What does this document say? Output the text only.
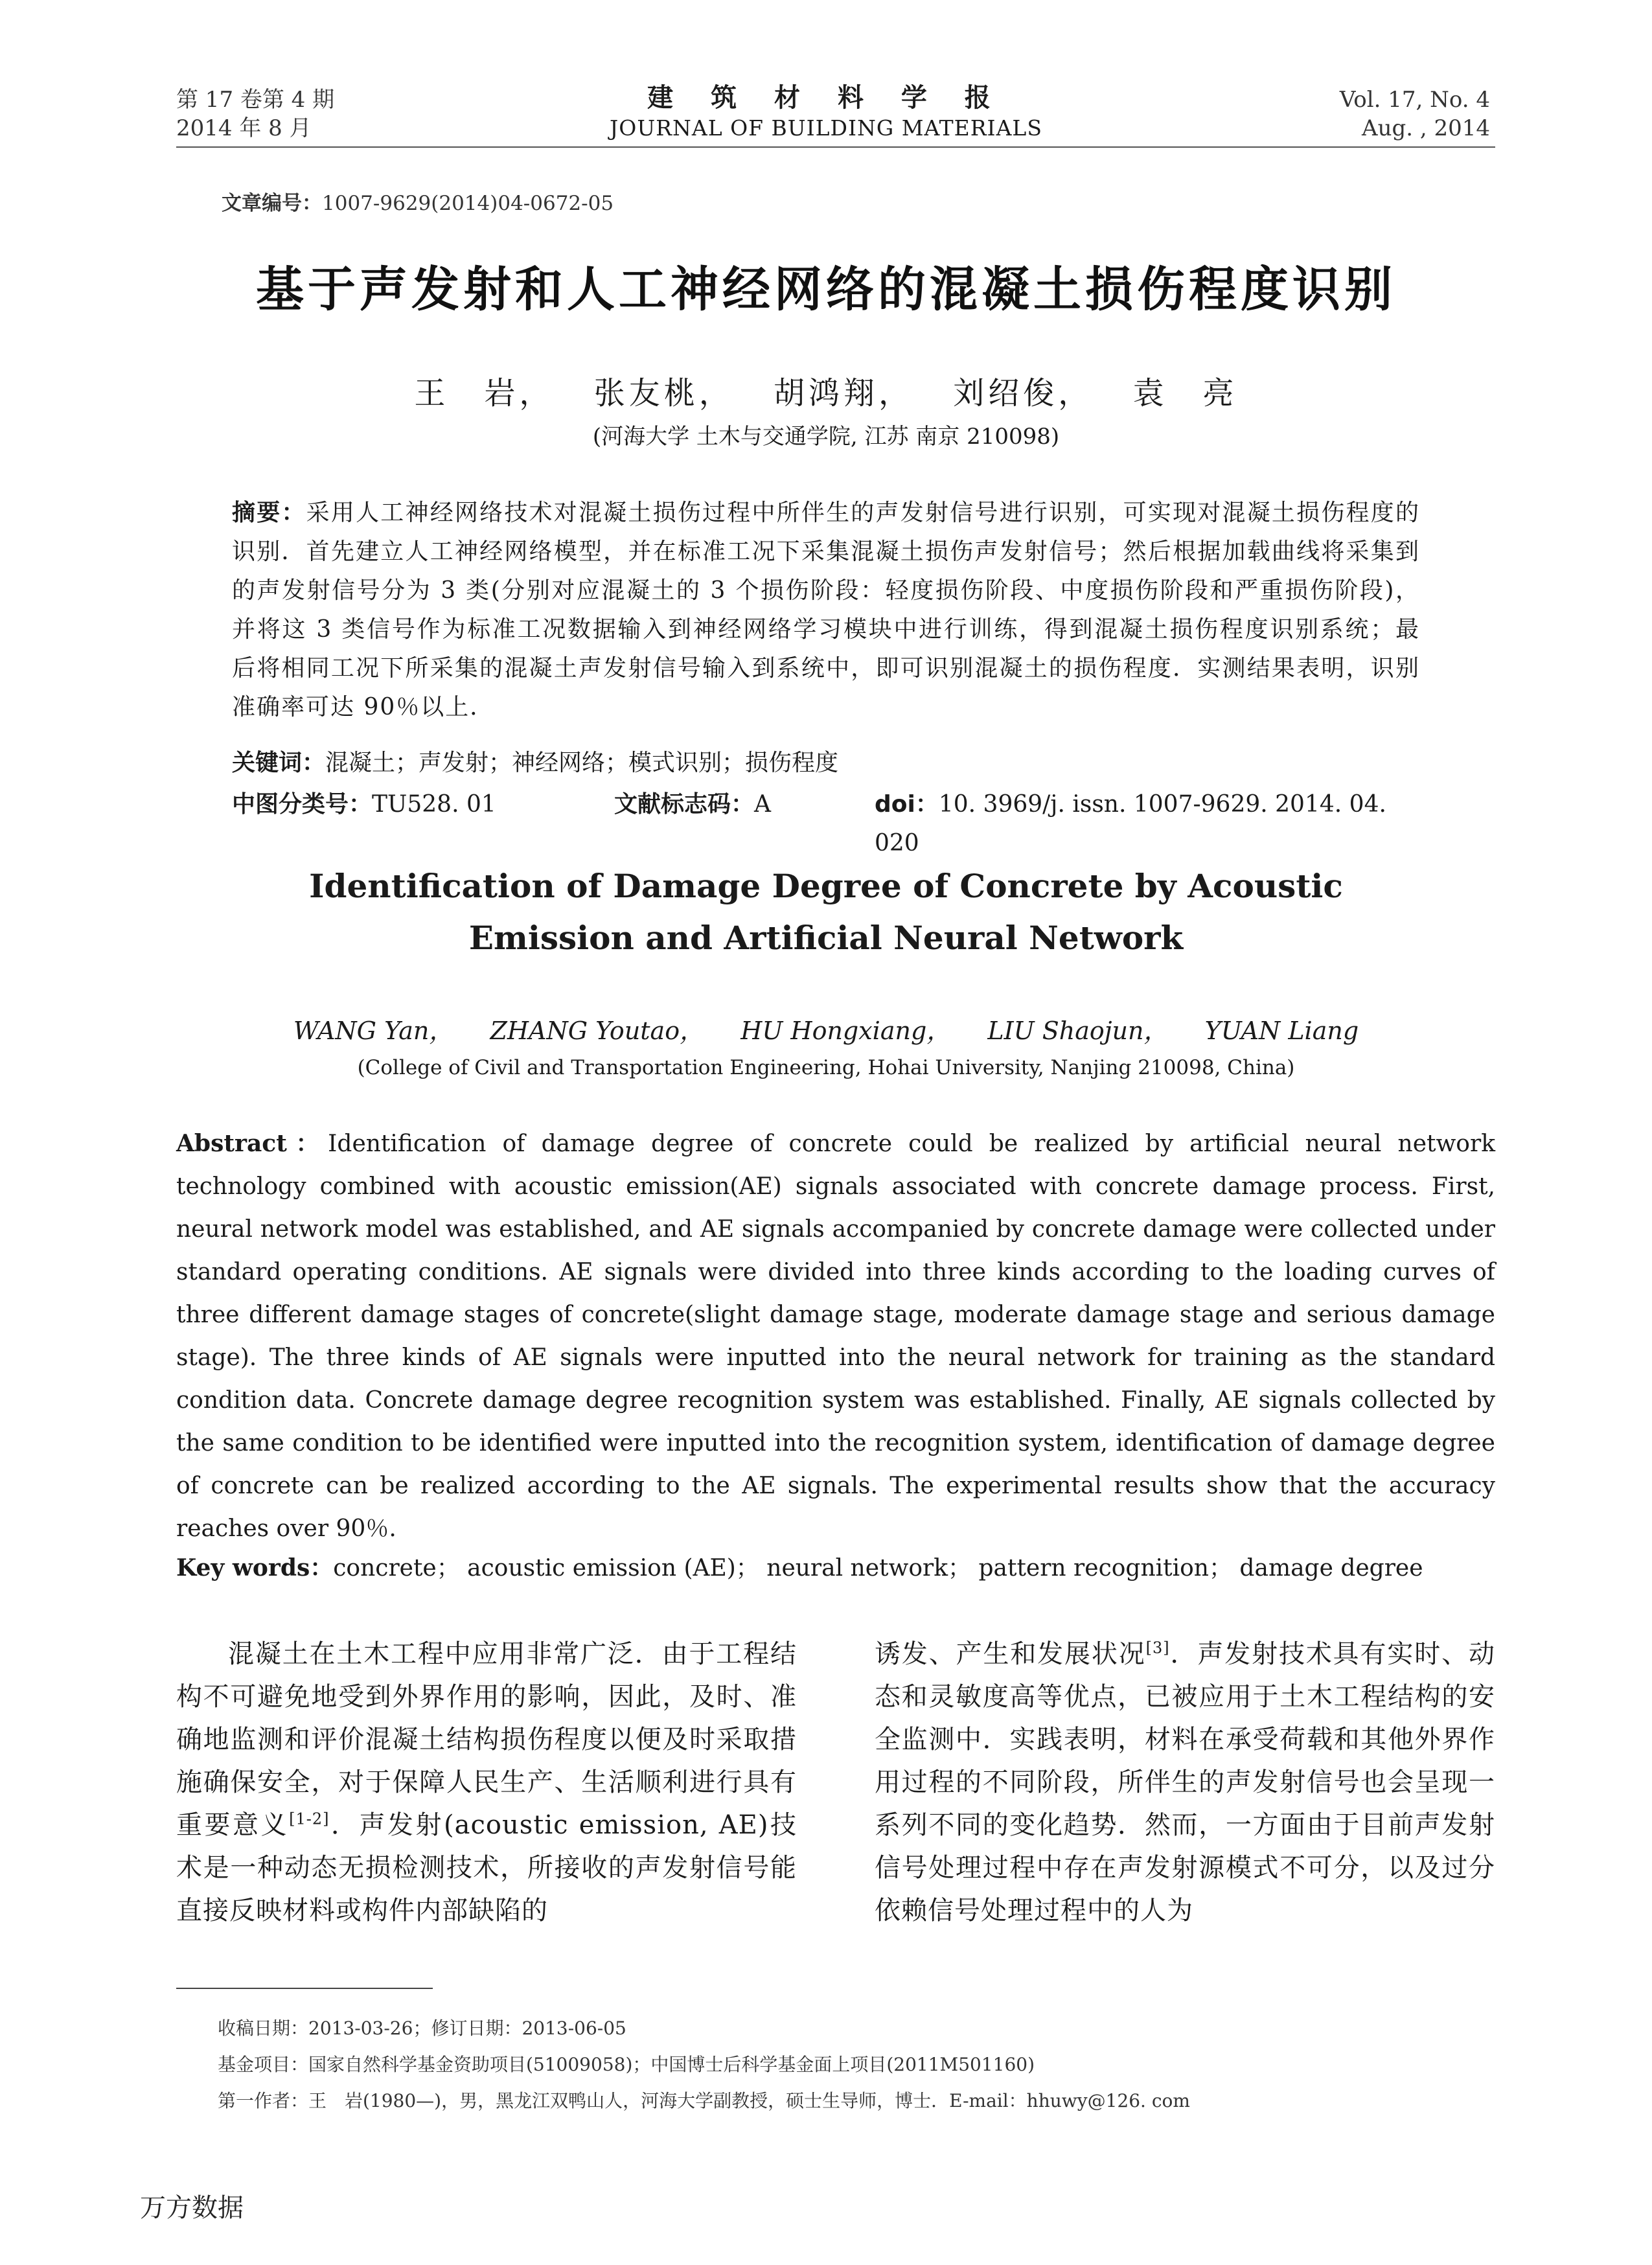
第 17 卷第 4 期
2014 年 8 月
建 筑 材 料 学 报
JOURNAL OF BUILDING MATERIALS
Vol. 17, No. 4
Aug. , 2014
文章编号：1007-9629(2014)04-0672-05
基于声发射和人工神经网络的混凝土损伤程度识别
王　岩， 张友桃， 胡鸿翔， 刘绍俊， 袁　亮
(河海大学 土木与交通学院, 江苏 南京 210098)
摘要：采用人工神经网络技术对混凝土损伤过程中所伴生的声发射信号进行识别，可实现对混凝土损伤程度的识别．首先建立人工神经网络模型，并在标准工况下采集混凝土损伤声发射信号；然后根据加载曲线将采集到的声发射信号分为 3 类(分别对应混凝土的 3 个损伤阶段：轻度损伤阶段、中度损伤阶段和严重损伤阶段)，并将这 3 类信号作为标准工况数据输入到神经网络学习模块中进行训练，得到混凝土损伤程度识别系统；最后将相同工况下所采集的混凝土声发射信号输入到系统中，即可识别混凝土的损伤程度．实测结果表明，识别准确率可达 90％以上．
关键词：混凝土；声发射；神经网络；模式识别；损伤程度
中图分类号：TU528. 01	文献标志码：A	doi：10. 3969/j. issn. 1007-9629. 2014. 04. 020
Identification of Damage Degree of Concrete by Acoustic
Emission and Artificial Neural Network
WANG Yan， ZHANG Youtao， HU Hongxiang， LIU Shaojun， YUAN Liang
(College of Civil and Transportation Engineering, Hohai University, Nanjing 210098, China)
Abstract：Identification of damage degree of concrete could be realized by artificial neural network technology combined with acoustic emission(AE) signals associated with concrete damage process. First, neural network model was established, and AE signals accompanied by concrete damage were collected under standard operating conditions. AE signals were divided into three kinds according to the loading curves of three different damage stages of concrete(slight damage stage, moderate damage stage and serious damage stage). The three kinds of AE signals were inputted into the neural network for training as the standard condition data. Concrete damage degree recognition system was established. Finally, AE signals collected by the same condition to be identified were inputted into the recognition system, identification of damage degree of concrete can be realized according to the AE signals. The experimental results show that the accuracy reaches over 90％.
Key words：concrete； acoustic emission (AE)； neural network； pattern recognition； damage degree
混凝土在土木工程中应用非常广泛．由于工程结构不可避免地受到外界作用的影响，因此，及时、准确地监测和评价混凝土结构损伤程度以便及时采取措施确保安全，对于保障人民生产、生活顺利进行具有重要意义[1-2]．声发射(acoustic emission, AE)技术是一种动态无损检测技术，所接收的声发射信号能直接反映材料或构件内部缺陷的
诱发、产生和发展状况[3]．声发射技术具有实时、动态和灵敏度高等优点，已被应用于土木工程结构的安全监测中．实践表明，材料在承受荷载和其他外界作用过程的不同阶段，所伴生的声发射信号也会呈现一系列不同的变化趋势．然而，一方面由于目前声发射信号处理过程中存在声发射源模式不可分，以及过分依赖信号处理过程中的人为
收稿日期：2013-03-26；修订日期：2013-06-05
基金项目：国家自然科学基金资助项目(51009058)；中国博士后科学基金面上项目(2011M501160)
第一作者：王　岩(1980—)，男，黑龙江双鸭山人，河海大学副教授，硕士生导师，博士．E-mail：hhuwy@126. com
万方数据
